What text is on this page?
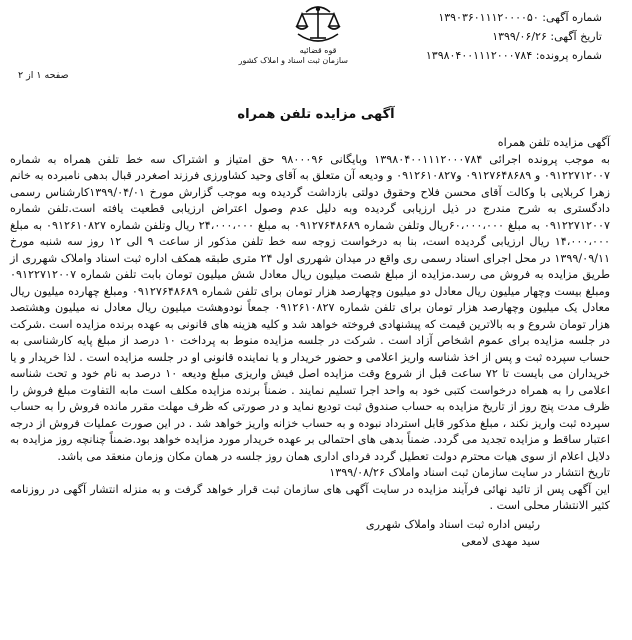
قوه قضائیه
سازمان ثبت اسناد و املاک کشور
شماره آگهی: ۱۳۹۰۳۶۰۱۱۱۲۰۰۰۰۵۰
تاریخ آگهی: ۱۳۹۹/۰۶/۲۶
شماره پرونده: ۱۳۹۸۰۴۰۰۱۱۱۲۰۰۰۷۸۴
صفحه ۱ از ۲
آگهی مزایده تلفن همراه

آگهی مزایده تلفن همراه

به موجب پرونده اجرائی ۱۳۹۸۰۴۰۰۱۱۱۲۰۰۰۷۸۴ وبایگانی ۹۸۰۰۰۹۶ حق امتیاز و اشتراک سه خط تلفن همراه به شماره ۰۹۱۲۲۷۱۲۰۰۷ و ۰۹۱۲۷۶۴۸۶۸۹ و۰۹۱۲۶۱۰۸۲۷ و ودیعه آن متعلق به آقای وحید کشاورزی فرزند اصغردر قبال بدهی نامبرده به خانم زهرا کربلایی با وکالت آقای محسن فلاح وحقوق دولتی بازداشت گردیده وبه موجب گزارش مورخ ۱۳۹۹/۰۴/۰۱کارشناس رسمی دادگستری به شرح مندرج در ذیل ارزیابی گردیده وبه دلیل عدم وصول اعتراض ارزیابی قطعیت یافته است.تلفن شماره ۰۹۱۲۲۷۱۲۰۰۷ به مبلغ ۶۰،۰۰۰،۰۰۰ریال وتلفن شماره ۰۹۱۲۷۶۴۸۶۸۹ به مبلغ ۲۴،۰۰۰،۰۰۰ ریال وتلفن شماره ۰۹۱۲۶۱۰۸۲۷ به مبلغ ۱۴،۰۰۰،۰۰۰ ریال ارزیابی گردیده است، بنا به درخواست زوجه سه خط تلفن مذکور از ساعت ۹ الی ۱۲ روز سه شنبه مورخ ۱۳۹۹/۰۹/۱۱ در محل اجرای اسناد رسمی ری واقع در میدان شهرری اول ۲۴ متری طبقه همکف اداره ثبت اسناد واملاک شهرری از طریق مزایده به فروش می رسد.مزایده از مبلغ شصت میلیون ریال معادل شش میلیون تومان بابت تلفن شماره ۰۹۱۲۲۷۱۲۰۰۷ ومبلغ بیست وچهار میلیون ریال معادل دو میلیون وچهارصد هزار تومان برای تلفن شماره ۰۹۱۲۷۶۴۸۶۸۹ ومبلغ چهارده میلیون ریال معادل یک میلیون وچهارصد هزار تومان برای تلفن شماره ۰۹۱۲۶۱۰۸۲۷ جمعاً نودوهشت میلیون ریال معادل نه میلیون وهشتصد هزار تومان شروع و به بالاترین قیمت که پیشنهادی فروخته خواهد شد و کلیه هزینه های قانونی به عهده برنده مزایده است .شرکت در جلسه مزایده برای عموم اشخاص آزاد است . شرکت در جلسه مزایده منوط به پرداخت ۱۰ درصد از مبلغ پایه کارشناسی به حساب سپرده ثبت و پس از اخذ شناسه واریز اعلامی و حضور خریدار و یا نماینده قانونی او در جلسه مزایده است . لذا خریدار و یا خریداران می بایست تا ۷۲ ساعت قبل از شروع وقت مزایده اصل فیش واریزی مبلغ ودیعه ۱۰ درصد به نام خود و تحت شناسه اعلامی را به همراه درخواست کتبی خود به واحد اجرا تسلیم نمایند . ضمناً برنده مزایده مکلف است مابه التفاوت مبلغ فروش را ظرف مدت پنج روز از تاریخ مزایده به حساب صندوق ثبت تودیع نماید و در صورتی که ظرف مهلت مقرر مانده فروش را به حساب سپرده ثبت واریز نکند ، مبلغ مذکور قابل استرداد نبوده و به حساب خزانه واریز خواهد شد . در این صورت عملیات فروش از درجه اعتبار ساقط و مزایده تجدید می گردد. ضمناً بدهی های احتمالی بر عهده خریدار مورد مزایده خواهد بود.ضمناً چنانچه روز مزایده به دلایل اعلام از سوی هیات محترم دولت تعطیل گردد فردای اداری همان روز جلسه در همان مکان وزمان منعقد می باشد.

تاریخ انتشار در سایت سازمان ثبت اسناد واملاک ۱۳۹۹/۰۸/۲۶

این آگهی پس از تائید نهائی فرآیند مزایده در سایت آگهی های سازمان ثبت قرار خواهد گرفت و به منزله انتشار آگهی در روزنامه کثیر الانتشار محلی است .

رئیس اداره ثبت اسناد واملاک شهرری
سید مهدی لامعی
